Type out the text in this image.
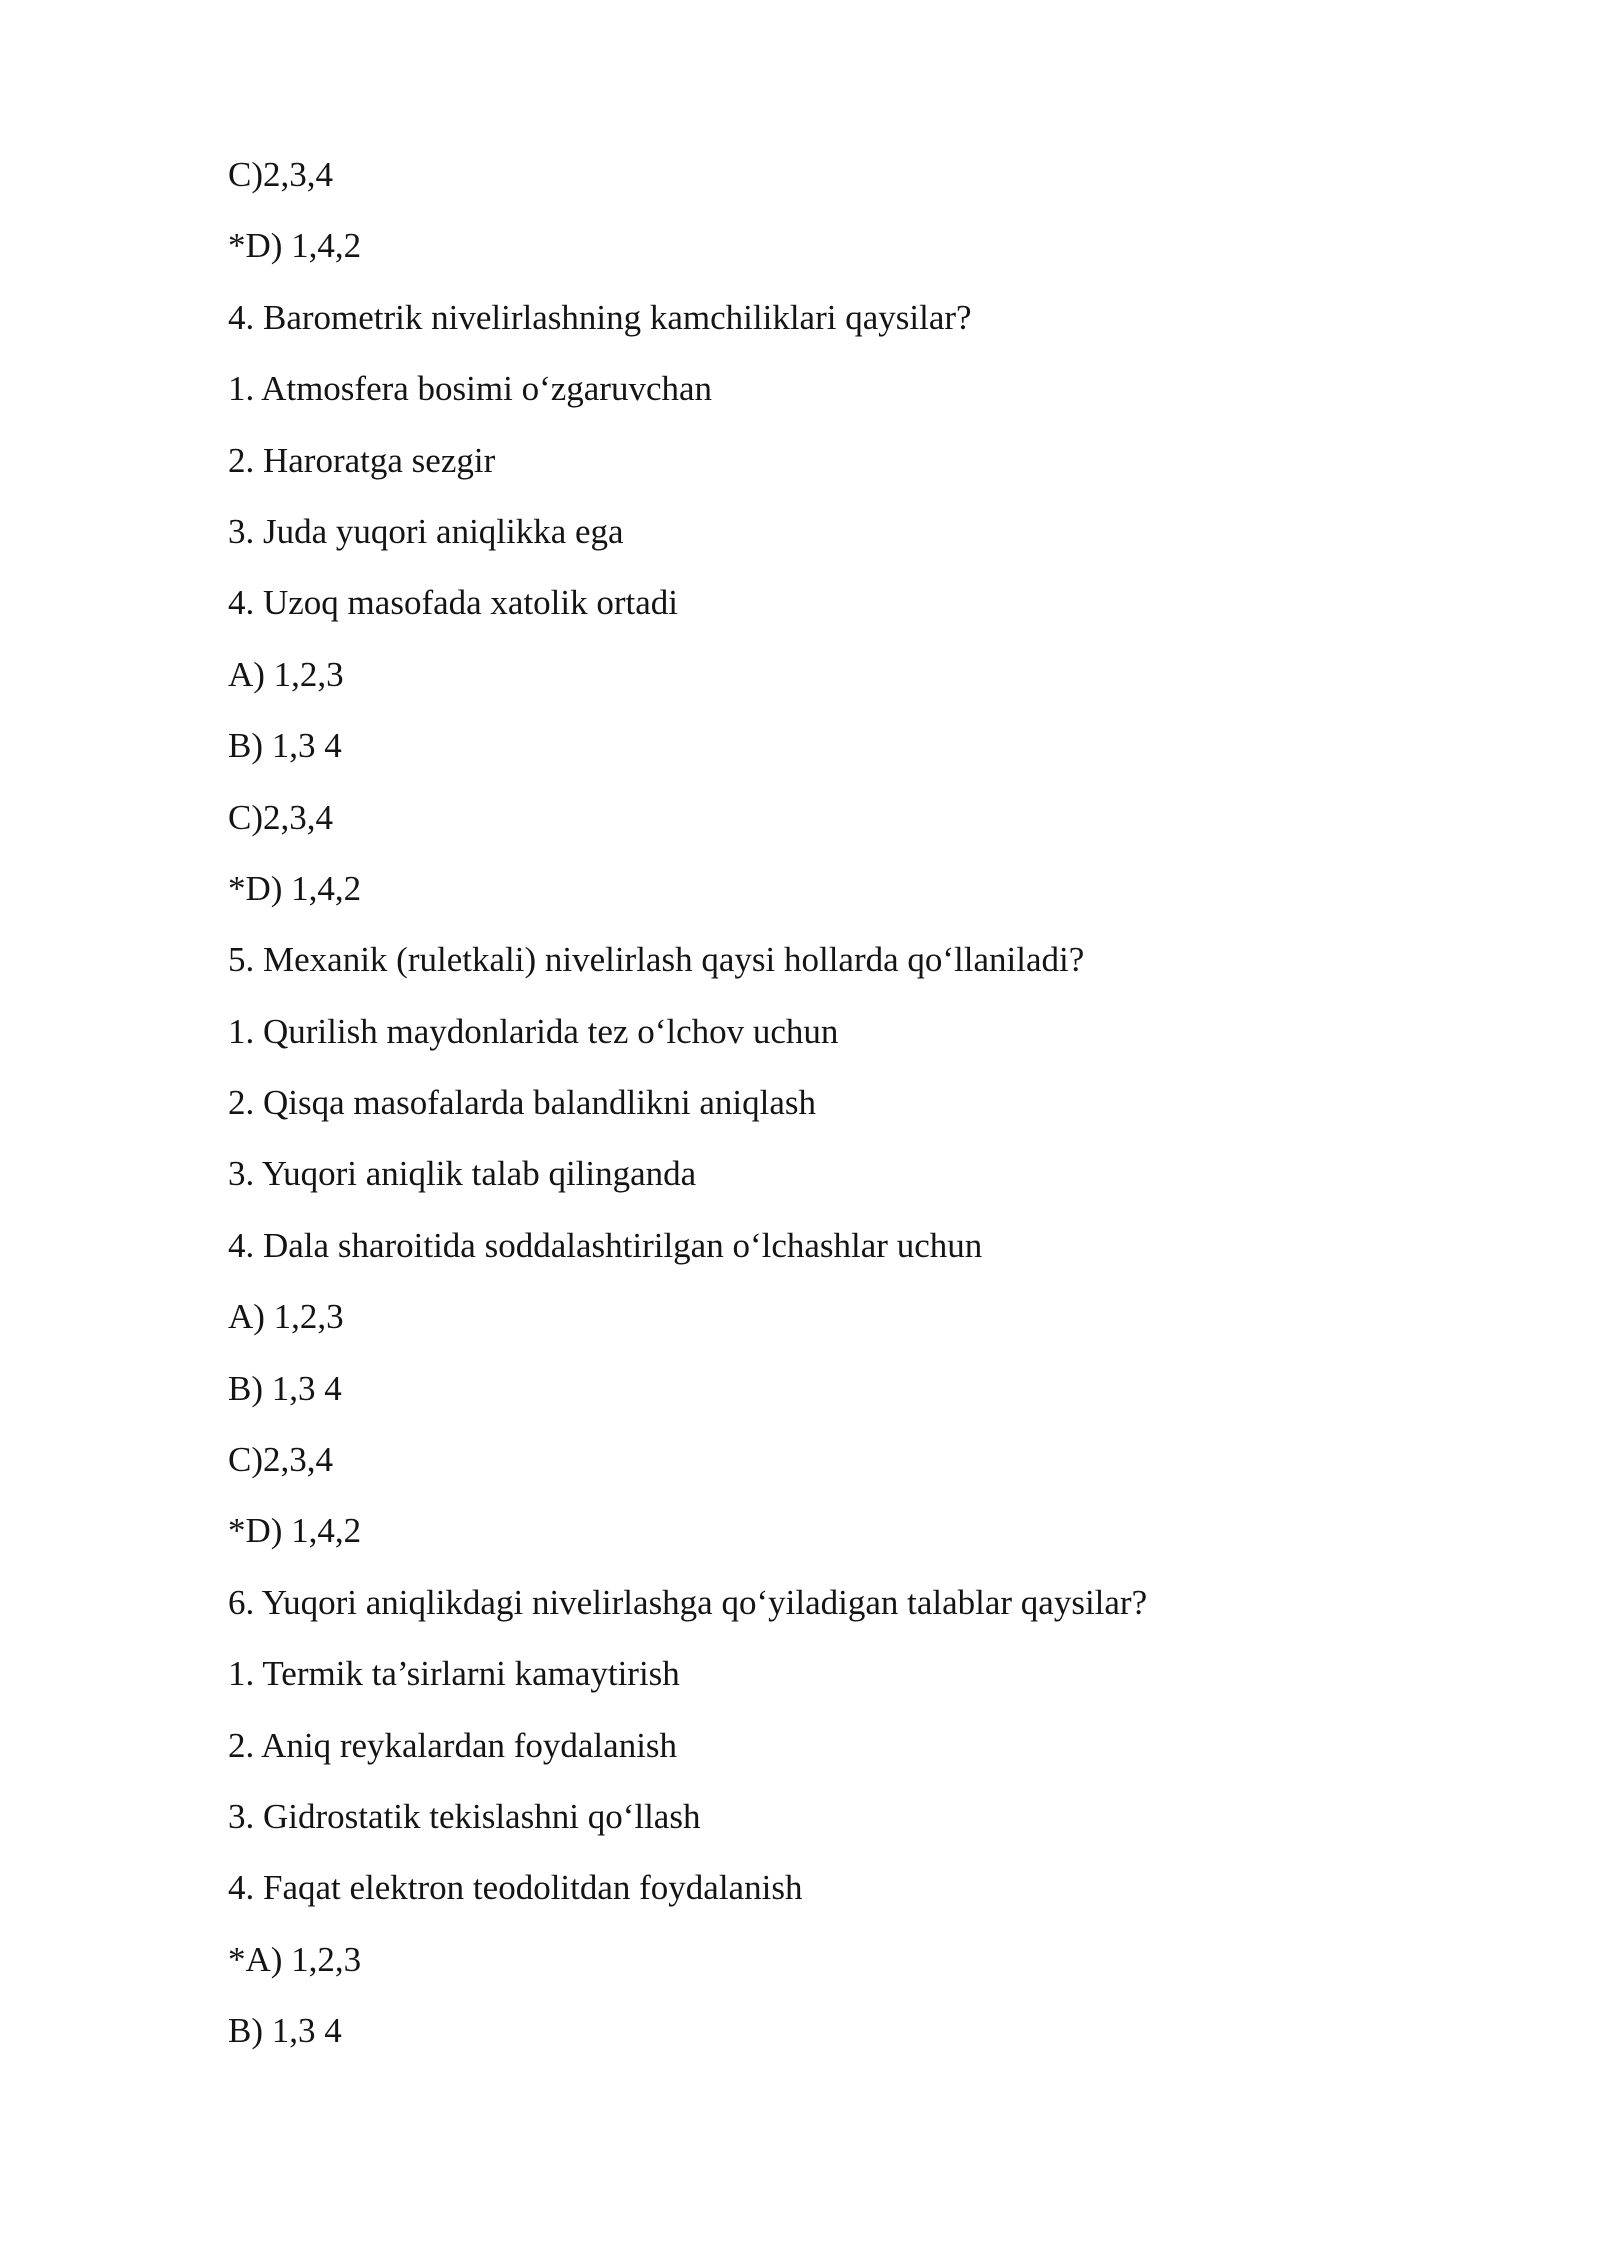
C)2,3,4
*D) 1,4,2
4. Barometrik nivelirlashning kamchiliklari qaysilar?
1. Atmosfera bosimi o‘zgaruvchan
2. Haroratga sezgir
3. Juda yuqori aniqlikka ega
4. Uzoq masofada xatolik ortadi
A) 1,2,3
B) 1,3 4
C)2,3,4
*D) 1,4,2
5. Mexanik (ruletkali) nivelirlash qaysi hollarda qo‘llaniladi?
1. Qurilish maydonlarida tez o‘lchov uchun
2. Qisqa masofalarda balandlikni aniqlash
3. Yuqori aniqlik talab qilinganda
4. Dala sharoitida soddalashtirilgan o‘lchashlar uchun
A) 1,2,3
B) 1,3 4
C)2,3,4
*D) 1,4,2
6. Yuqori aniqlikdagi nivelirlashga qo‘yiladigan talablar qaysilar?
1. Termik ta’sirlarni kamaytirish
2. Aniq reykalardan foydalanish
3. Gidrostatik tekislashni qo‘llash
4. Faqat elektron teodolitdan foydalanish
*A) 1,2,3
B) 1,3 4
